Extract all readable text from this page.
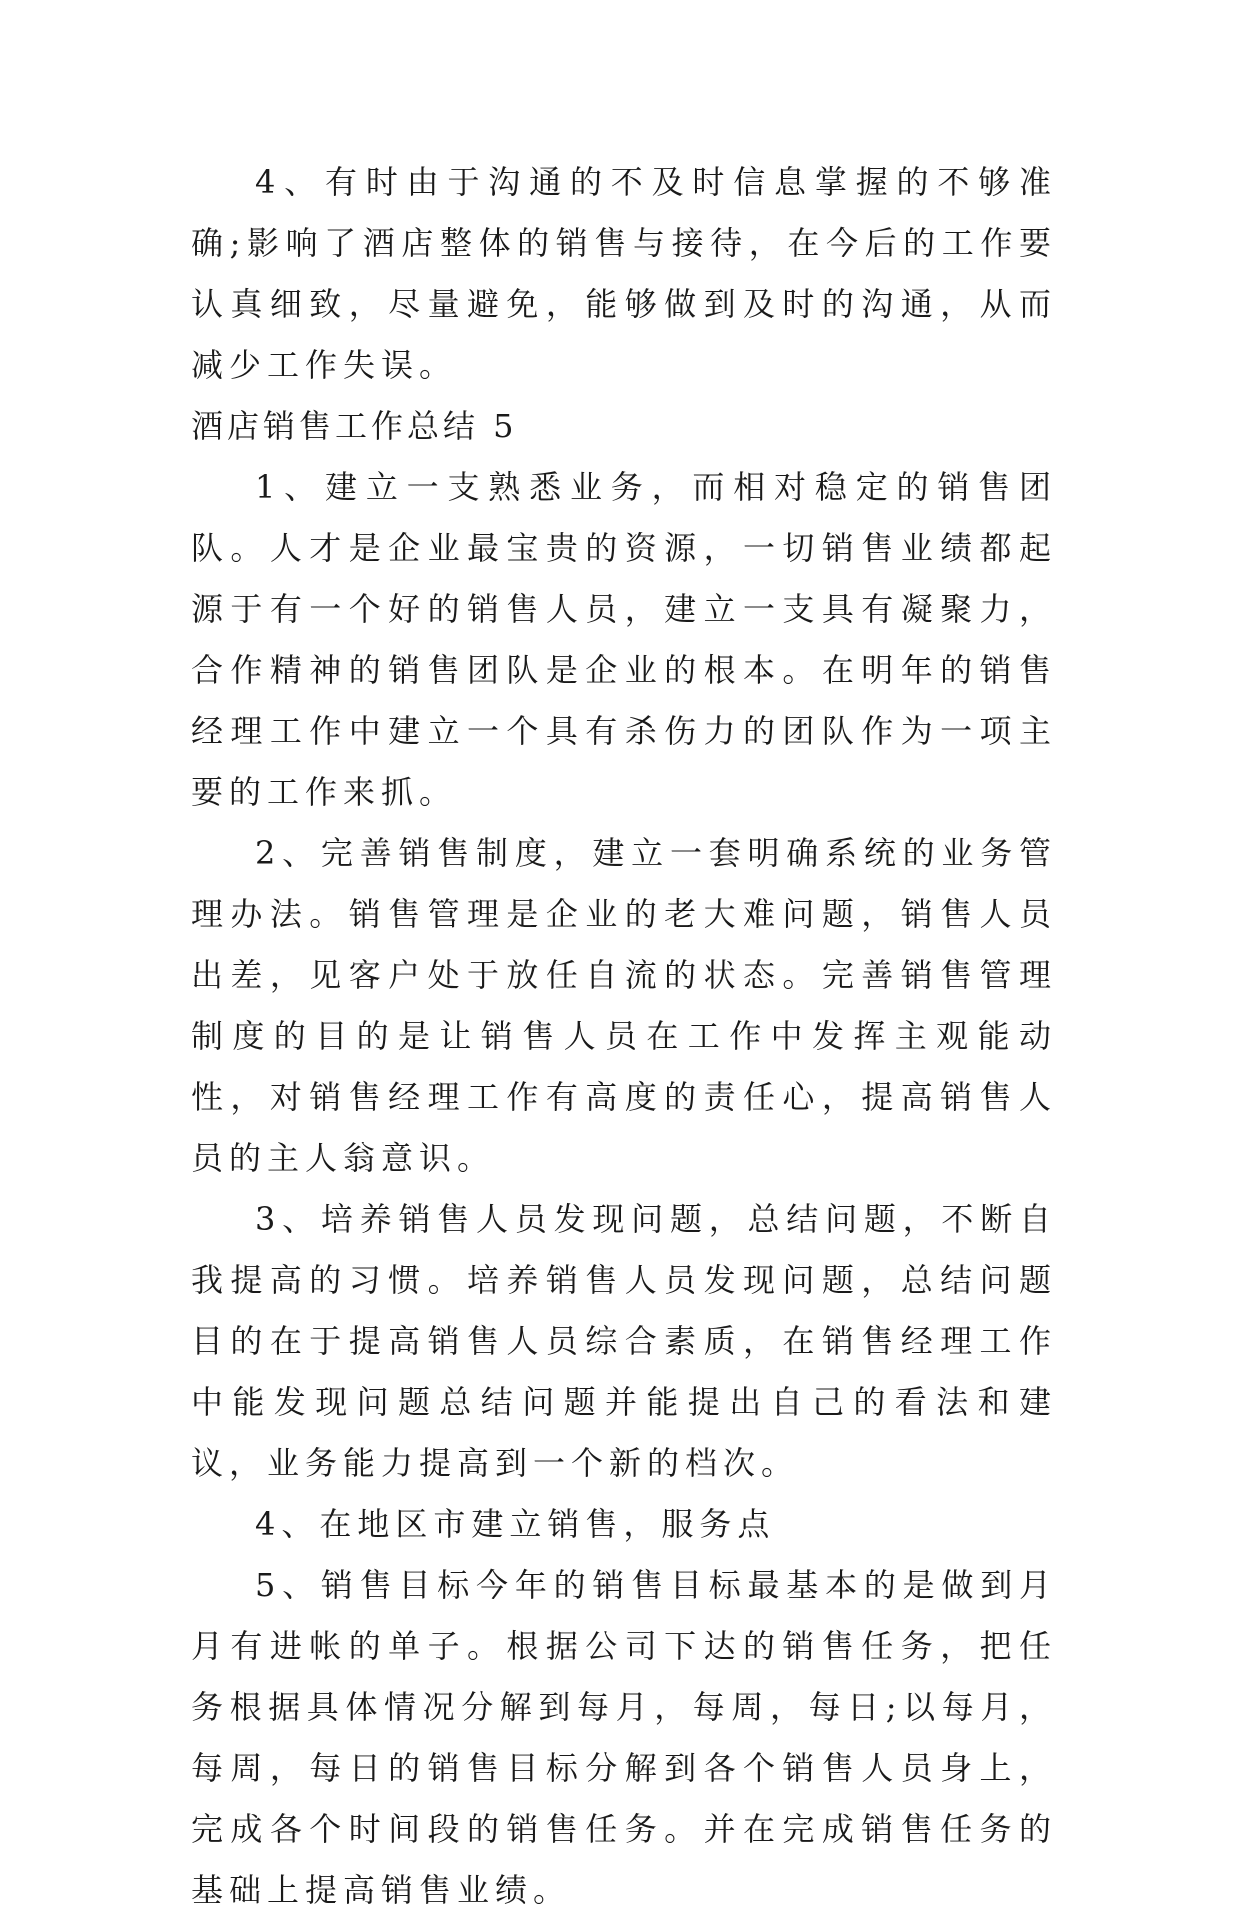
4、有时由于沟通的不及时信息掌握的不够准确;影响了酒店整体的销售与接待，在今后的工作要认真细致，尽量避免，能够做到及时的沟通，从而减少工作失误。

酒店销售工作总结 5

1、建立一支熟悉业务，而相对稳定的销售团队。人才是企业最宝贵的资源，一切销售业绩都起源于有一个好的销售人员，建立一支具有凝聚力，合作精神的销售团队是企业的根本。在明年的销售经理工作中建立一个具有杀伤力的团队作为一项主要的工作来抓。

2、完善销售制度，建立一套明确系统的业务管理办法。销售管理是企业的老大难问题，销售人员出差，见客户处于放任自流的状态。完善销售管理制度的目的是让销售人员在工作中发挥主观能动性，对销售经理工作有高度的责任心，提高销售人员的主人翁意识。

3、培养销售人员发现问题，总结问题，不断自我提高的习惯。培养销售人员发现问题，总结问题目的在于提高销售人员综合素质，在销售经理工作中能发现问题总结问题并能提出自己的看法和建议，业务能力提高到一个新的档次。

4、在地区市建立销售，服务点

5、销售目标今年的销售目标最基本的是做到月月有进帐的单子。根据公司下达的销售任务，把任务根据具体情况分解到每月，每周，每日;以每月，每周，每日的销售目标分解到各个销售人员身上，完成各个时间段的销售任务。并在完成销售任务的基础上提高销售业绩。
